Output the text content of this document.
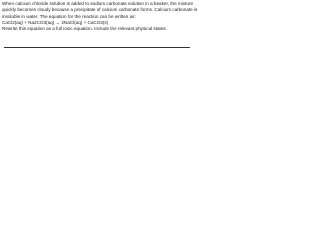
When calcium chloride solution is added to sodium carbonate solution in a beaker, the mixture quickly becomes cloudy because a precipitate of calcium carbonate forms. Calcium carbonate is insoluble in water. The equation for the reaction can be written as:

CaCl2(aq) + Na2CO3(aq) → 2NaCl(aq) + CaCO3(s)

Rewrite this equation as a full ionic equation. Include the relevant physical states.
